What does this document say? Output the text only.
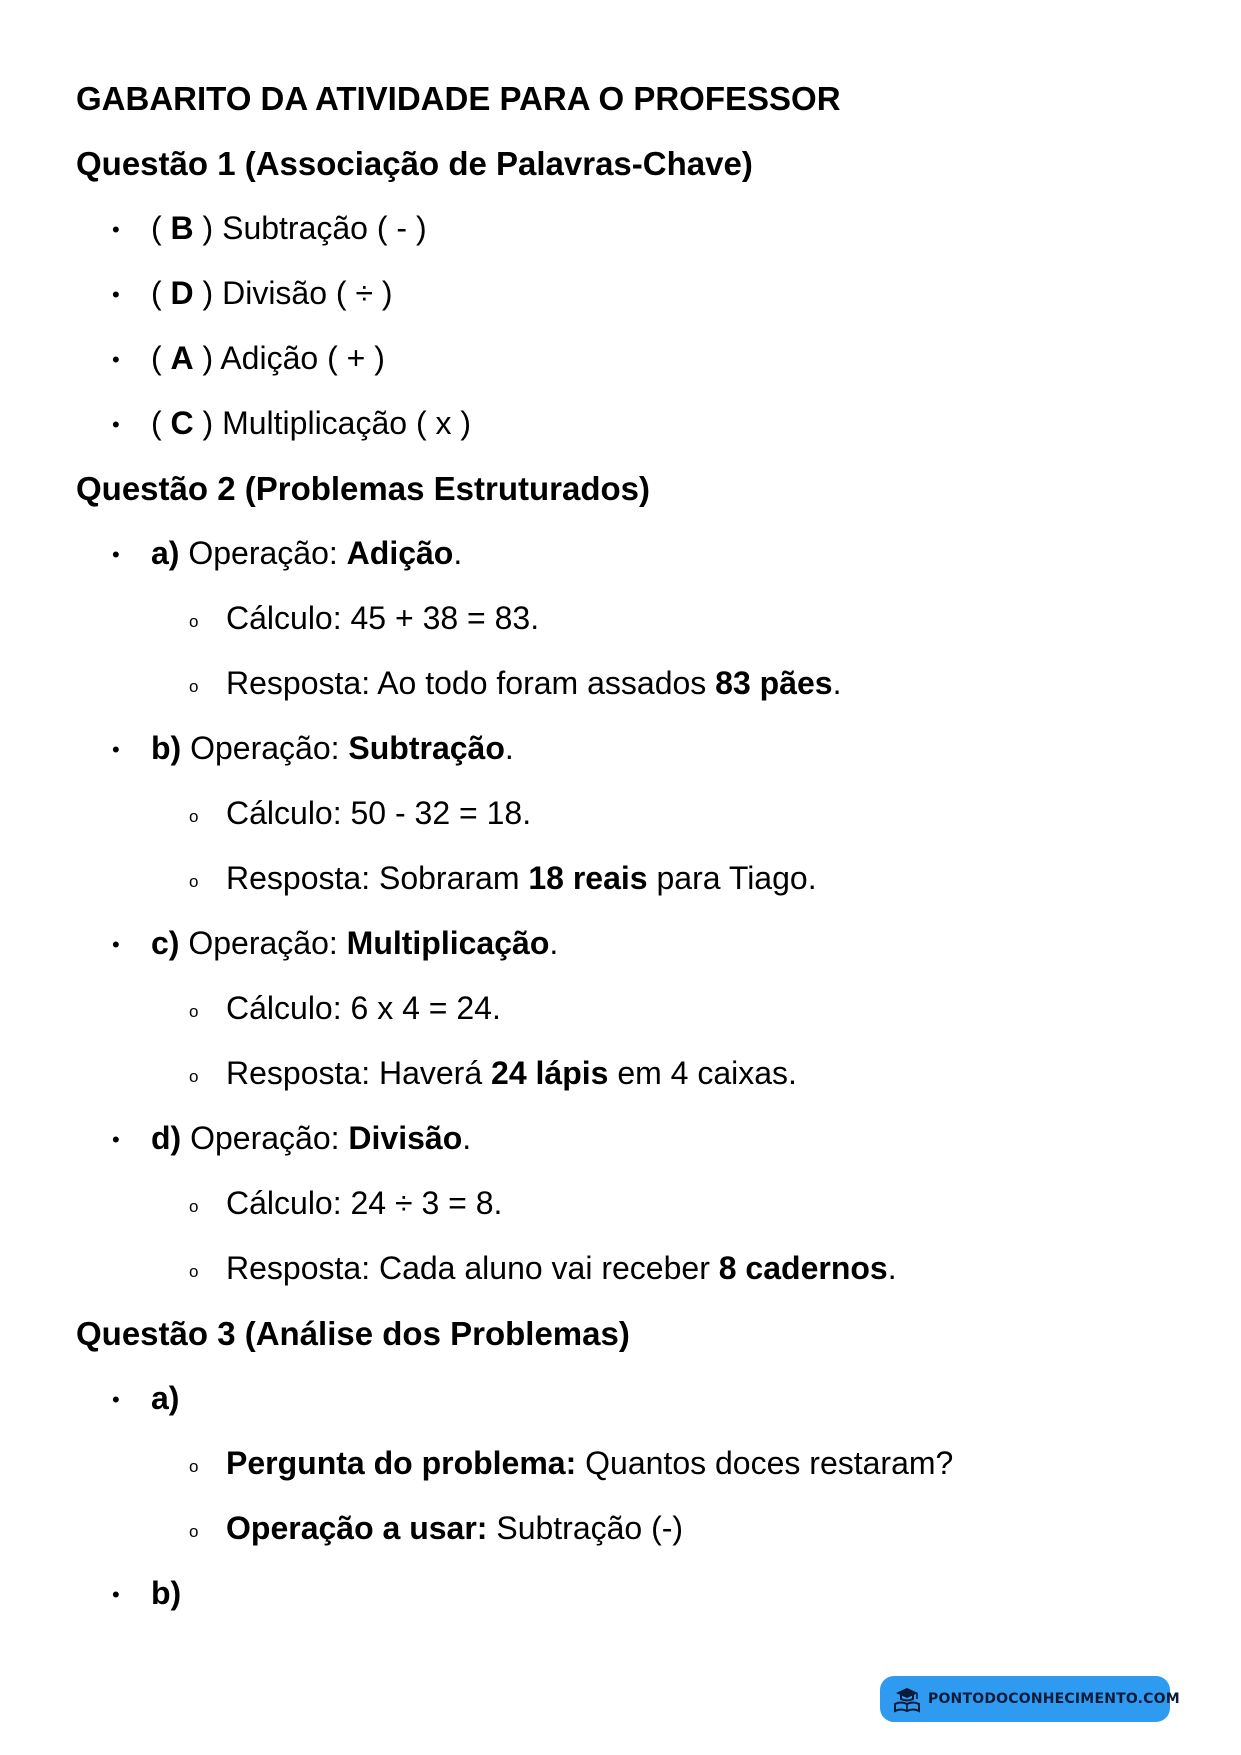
GABARITO DA ATIVIDADE PARA O PROFESSOR
Questão 1 (Associação de Palavras-Chave)
• ( B ) Subtração ( - )
• ( D ) Divisão ( ÷ )
• ( A ) Adição ( + )
• ( C ) Multiplicação ( x )
Questão 2 (Problemas Estruturados)
• a) Operação: Adição.
o Cálculo: 45 + 38 = 83.
o Resposta: Ao todo foram assados 83 pães.
• b) Operação: Subtração.
o Cálculo: 50 - 32 = 18.
o Resposta: Sobraram 18 reais para Tiago.
• c) Operação: Multiplicação.
o Cálculo: 6 x 4 = 24.
o Resposta: Haverá 24 lápis em 4 caixas.
• d) Operação: Divisão.
o Cálculo: 24 ÷ 3 = 8.
o Resposta: Cada aluno vai receber 8 cadernos.
Questão 3 (Análise dos Problemas)
• a)
o Pergunta do problema: Quantos doces restaram?
o Operação a usar: Subtração (-)
• b)
PONTODOCONHECIMENTO.COM
